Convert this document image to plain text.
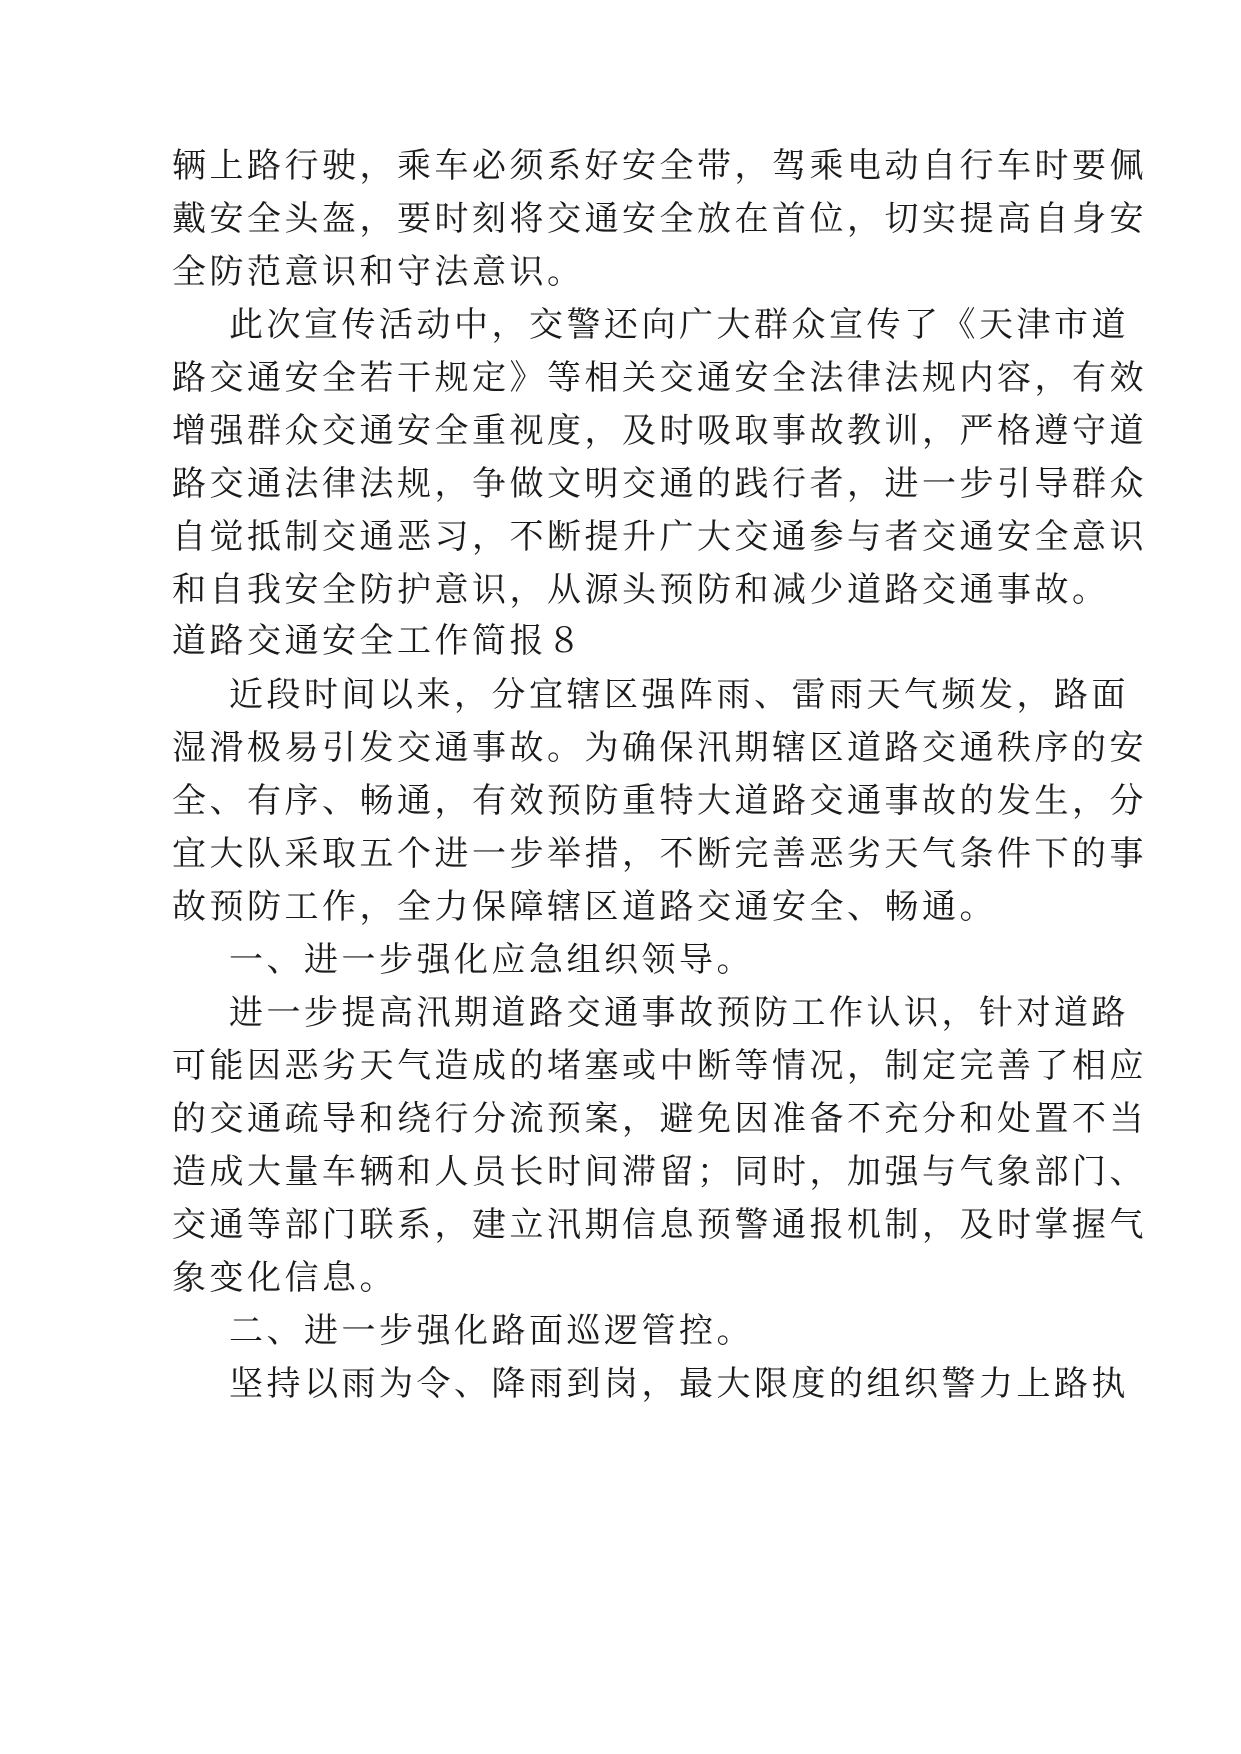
辆上路行驶，乘车必须系好安全带，驾乘电动自行车时要佩
戴安全头盔，要时刻将交通安全放在首位，切实提高自身安
全防范意识和守法意识。
此次宣传活动中，交警还向广大群众宣传了《天津市道
路交通安全若干规定》等相关交通安全法律法规内容，有效
增强群众交通安全重视度，及时吸取事故教训，严格遵守道
路交通法律法规，争做文明交通的践行者，进一步引导群众
自觉抵制交通恶习，不断提升广大交通参与者交通安全意识
和自我安全防护意识，从源头预防和减少道路交通事故。
道路交通安全工作简报８
近段时间以来，分宜辖区强阵雨、雷雨天气频发，路面
湿滑极易引发交通事故。为确保汛期辖区道路交通秩序的安
全、有序、畅通，有效预防重特大道路交通事故的发生，分
宜大队采取五个进一步举措，不断完善恶劣天气条件下的事
故预防工作，全力保障辖区道路交通安全、畅通。
一、进一步强化应急组织领导。
进一步提高汛期道路交通事故预防工作认识，针对道路
可能因恶劣天气造成的堵塞或中断等情况，制定完善了相应
的交通疏导和绕行分流预案，避免因准备不充分和处置不当
造成大量车辆和人员长时间滞留；同时，加强与气象部门、
交通等部门联系，建立汛期信息预警通报机制，及时掌握气
象变化信息。
二、进一步强化路面巡逻管控。
坚持以雨为令、降雨到岗，最大限度的组织警力上路执
